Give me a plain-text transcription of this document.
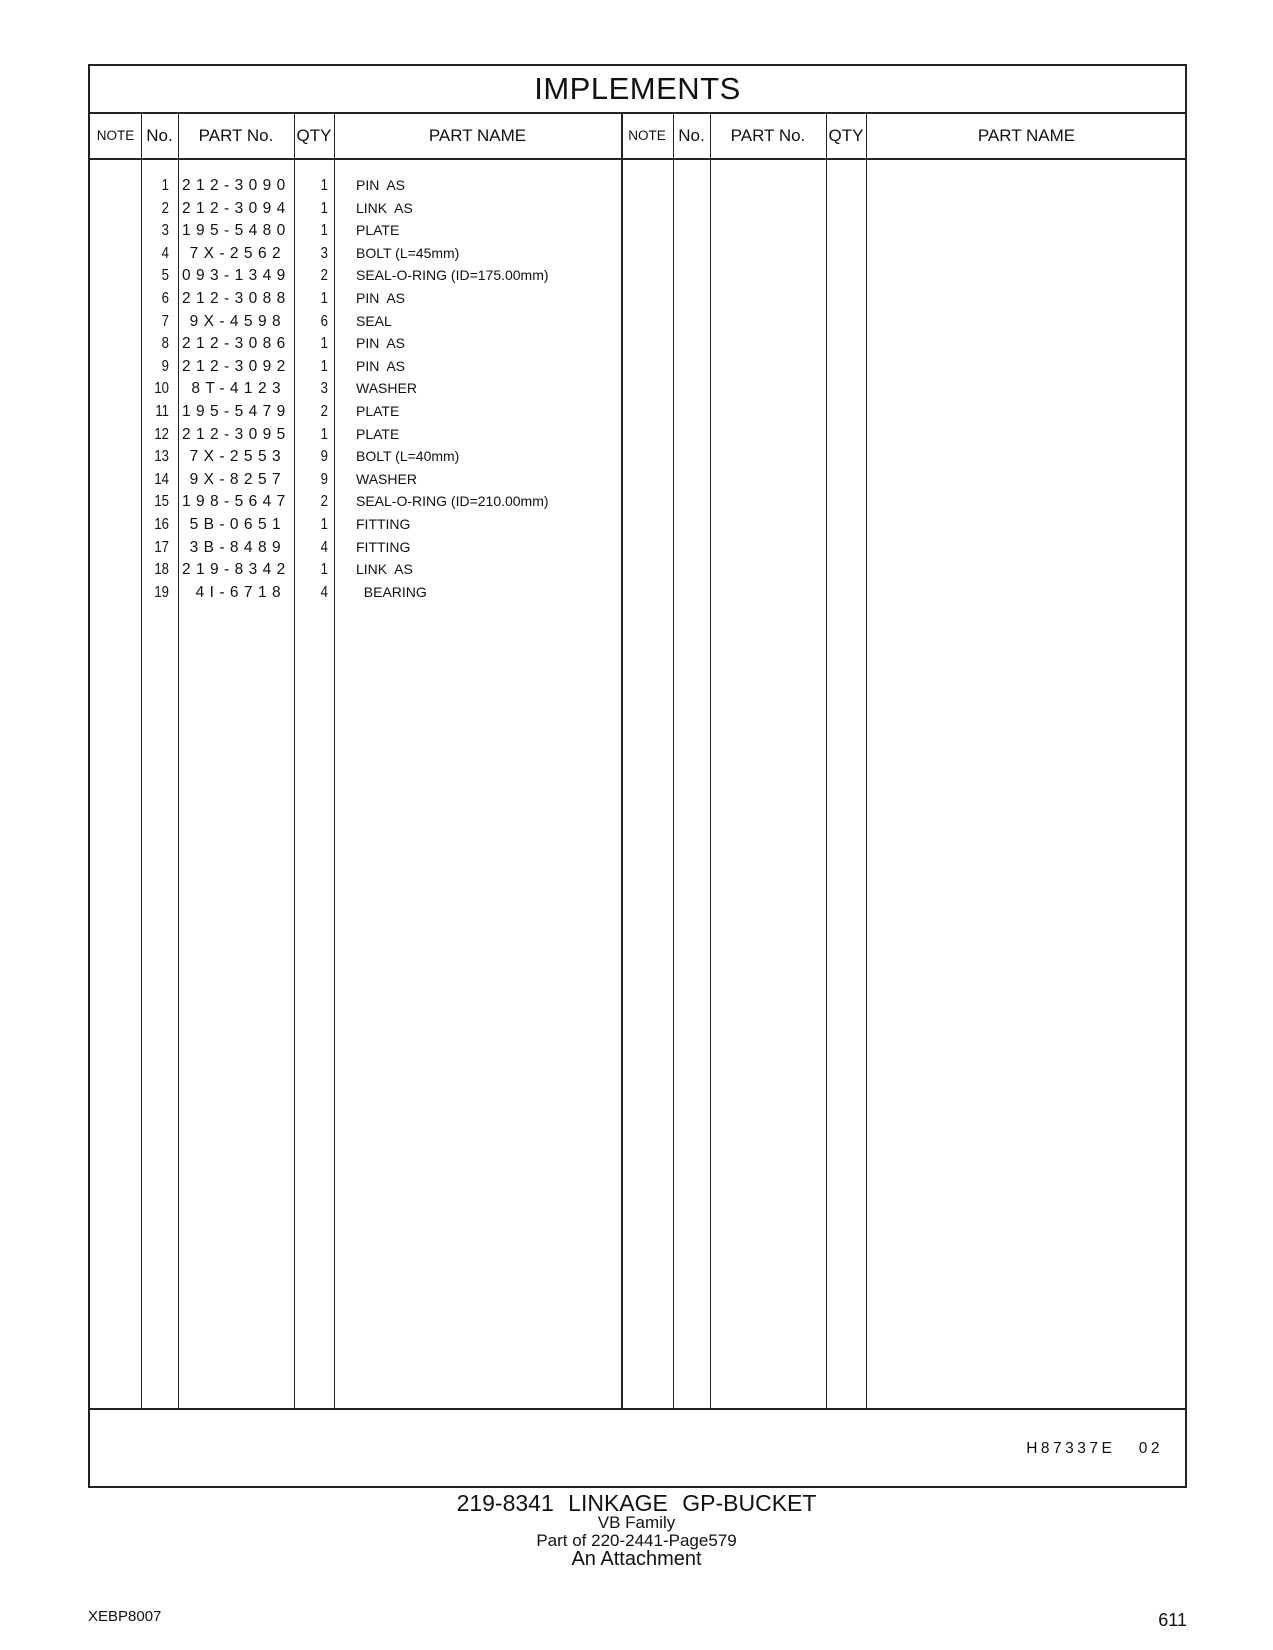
IMPLEMENTS
NOTE No.	PART No.	QTY	PART NAME	NOTE No.	PART No.	QTY	PART NAME
1 212-3090	1 PIN  AS
2 212-3094	1 LINK  AS
3 195-5480	1 PLATE
4	7X-2562	3 BOLT (L=45mm)
5 093-1349	2 SEAL-O-RING (ID=175.00mm)
6 212-3088	1 PIN  AS
7	9X-4598	6 SEAL
8 212-3086	1 PIN  AS
9 212-3092	1 PIN  AS
10	8T-4123	3 WASHER
11 195-5479	2 PLATE
12 212-3095	1 PLATE
13	7X-2553	9 BOLT (L=40mm)
14	9X-8257	9 WASHER
15 198-5647	2 SEAL-O-RING (ID=210.00mm)
16	5B-0651	1 FITTING
17	3B-8489	4 FITTING
18 219-8342	1 LINK  AS
19	4I-6718	4 BEARING
H87337E   02
219-8341 LINKAGE GP-BUCKET
VB Family
Part of 220-2441-Page579
An Attachment
XEBP8007	611
